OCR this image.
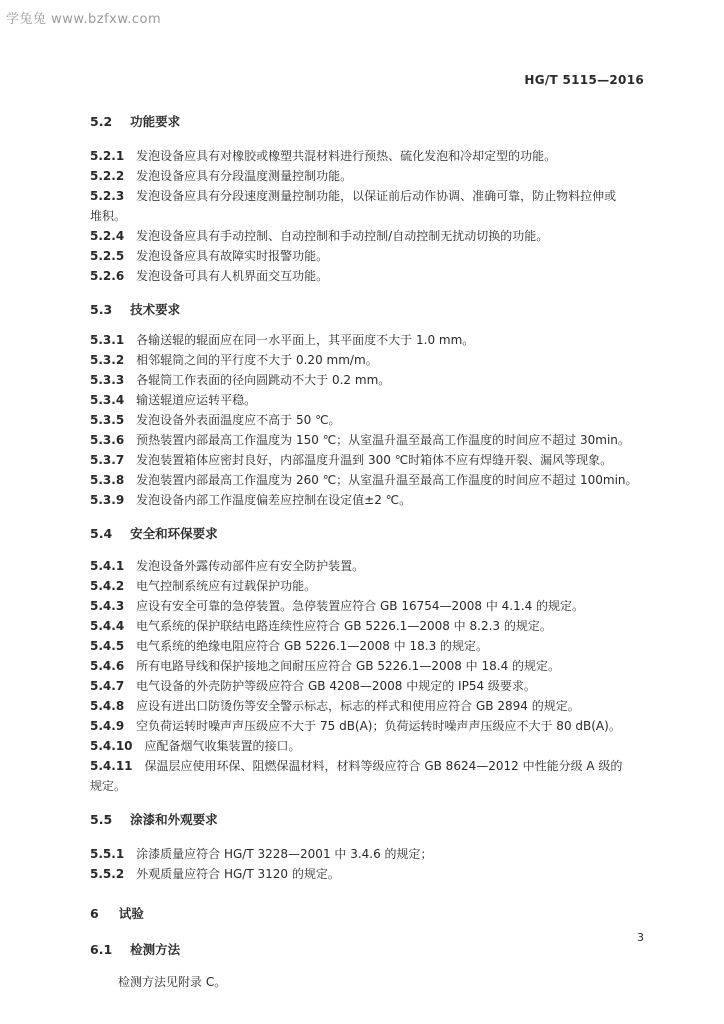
学兔兔 www.bzfxw.com
HG/T 5115—2016
5.2 功能要求
5.2.1 发泡设备应具有对橡胶或橡塑共混材料进行预热、硫化发泡和冷却定型的功能。
5.2.2 发泡设备应具有分段温度测量控制功能。
5.2.3 发泡设备应具有分段速度测量控制功能，以保证前后动作协调、准确可靠，防止物料拉伸或
堆积。
5.2.4 发泡设备应具有手动控制、自动控制和手动控制/自动控制无扰动切换的功能。
5.2.5 发泡设备应具有故障实时报警功能。
5.2.6 发泡设备可具有人机界面交互功能。
5.3 技术要求
5.3.1 各输送辊的辊面应在同一水平面上，其平面度不大于 1.0 mm。
5.3.2 相邻辊筒之间的平行度不大于 0.20 mm/m。
5.3.3 各辊筒工作表面的径向圆跳动不大于 0.2 mm。
5.3.4 输送辊道应运转平稳。
5.3.5 发泡设备外表面温度应不高于 50 ℃。
5.3.6 预热装置内部最高工作温度为 150 ℃；从室温升温至最高工作温度的时间应不超过 30min。
5.3.7 发泡装置箱体应密封良好，内部温度升温到 300 ℃时箱体不应有焊缝开裂、漏风等现象。
5.3.8 发泡装置内部最高工作温度为 260 ℃；从室温升温至最高工作温度的时间应不超过 100min。
5.3.9 发泡设备内部工作温度偏差应控制在设定值±2 ℃。
5.4 安全和环保要求
5.4.1 发泡设备外露传动部件应有安全防护装置。
5.4.2 电气控制系统应有过载保护功能。
5.4.3 应设有安全可靠的急停装置。急停装置应符合 GB 16754—2008 中 4.1.4 的规定。
5.4.4 电气系统的保护联结电路连续性应符合 GB 5226.1—2008 中 8.2.3 的规定。
5.4.5 电气系统的绝缘电阻应符合 GB 5226.1—2008 中 18.3 的规定。
5.4.6 所有电路导线和保护接地之间耐压应符合 GB 5226.1—2008 中 18.4 的规定。
5.4.7 电气设备的外壳防护等级应符合 GB 4208—2008 中规定的 IP54 级要求。
5.4.8 应设有进出口防烫伤等安全警示标志，标志的样式和使用应符合 GB 2894 的规定。
5.4.9 空负荷运转时噪声声压级应不大于 75 dB(A)；负荷运转时噪声声压级应不大于 80 dB(A)。
5.4.10 应配备烟气收集装置的接口。
5.4.11 保温层应使用环保、阻燃保温材料，材料等级应符合 GB 8624—2012 中性能分级 A 级的
规定。
5.5 涂漆和外观要求
5.5.1 涂漆质量应符合 HG/T 3228—2001 中 3.4.6 的规定；
5.5.2 外观质量应符合 HG/T 3120 的规定。
6 试验
6.1 检测方法
检测方法见附录 C。
3
